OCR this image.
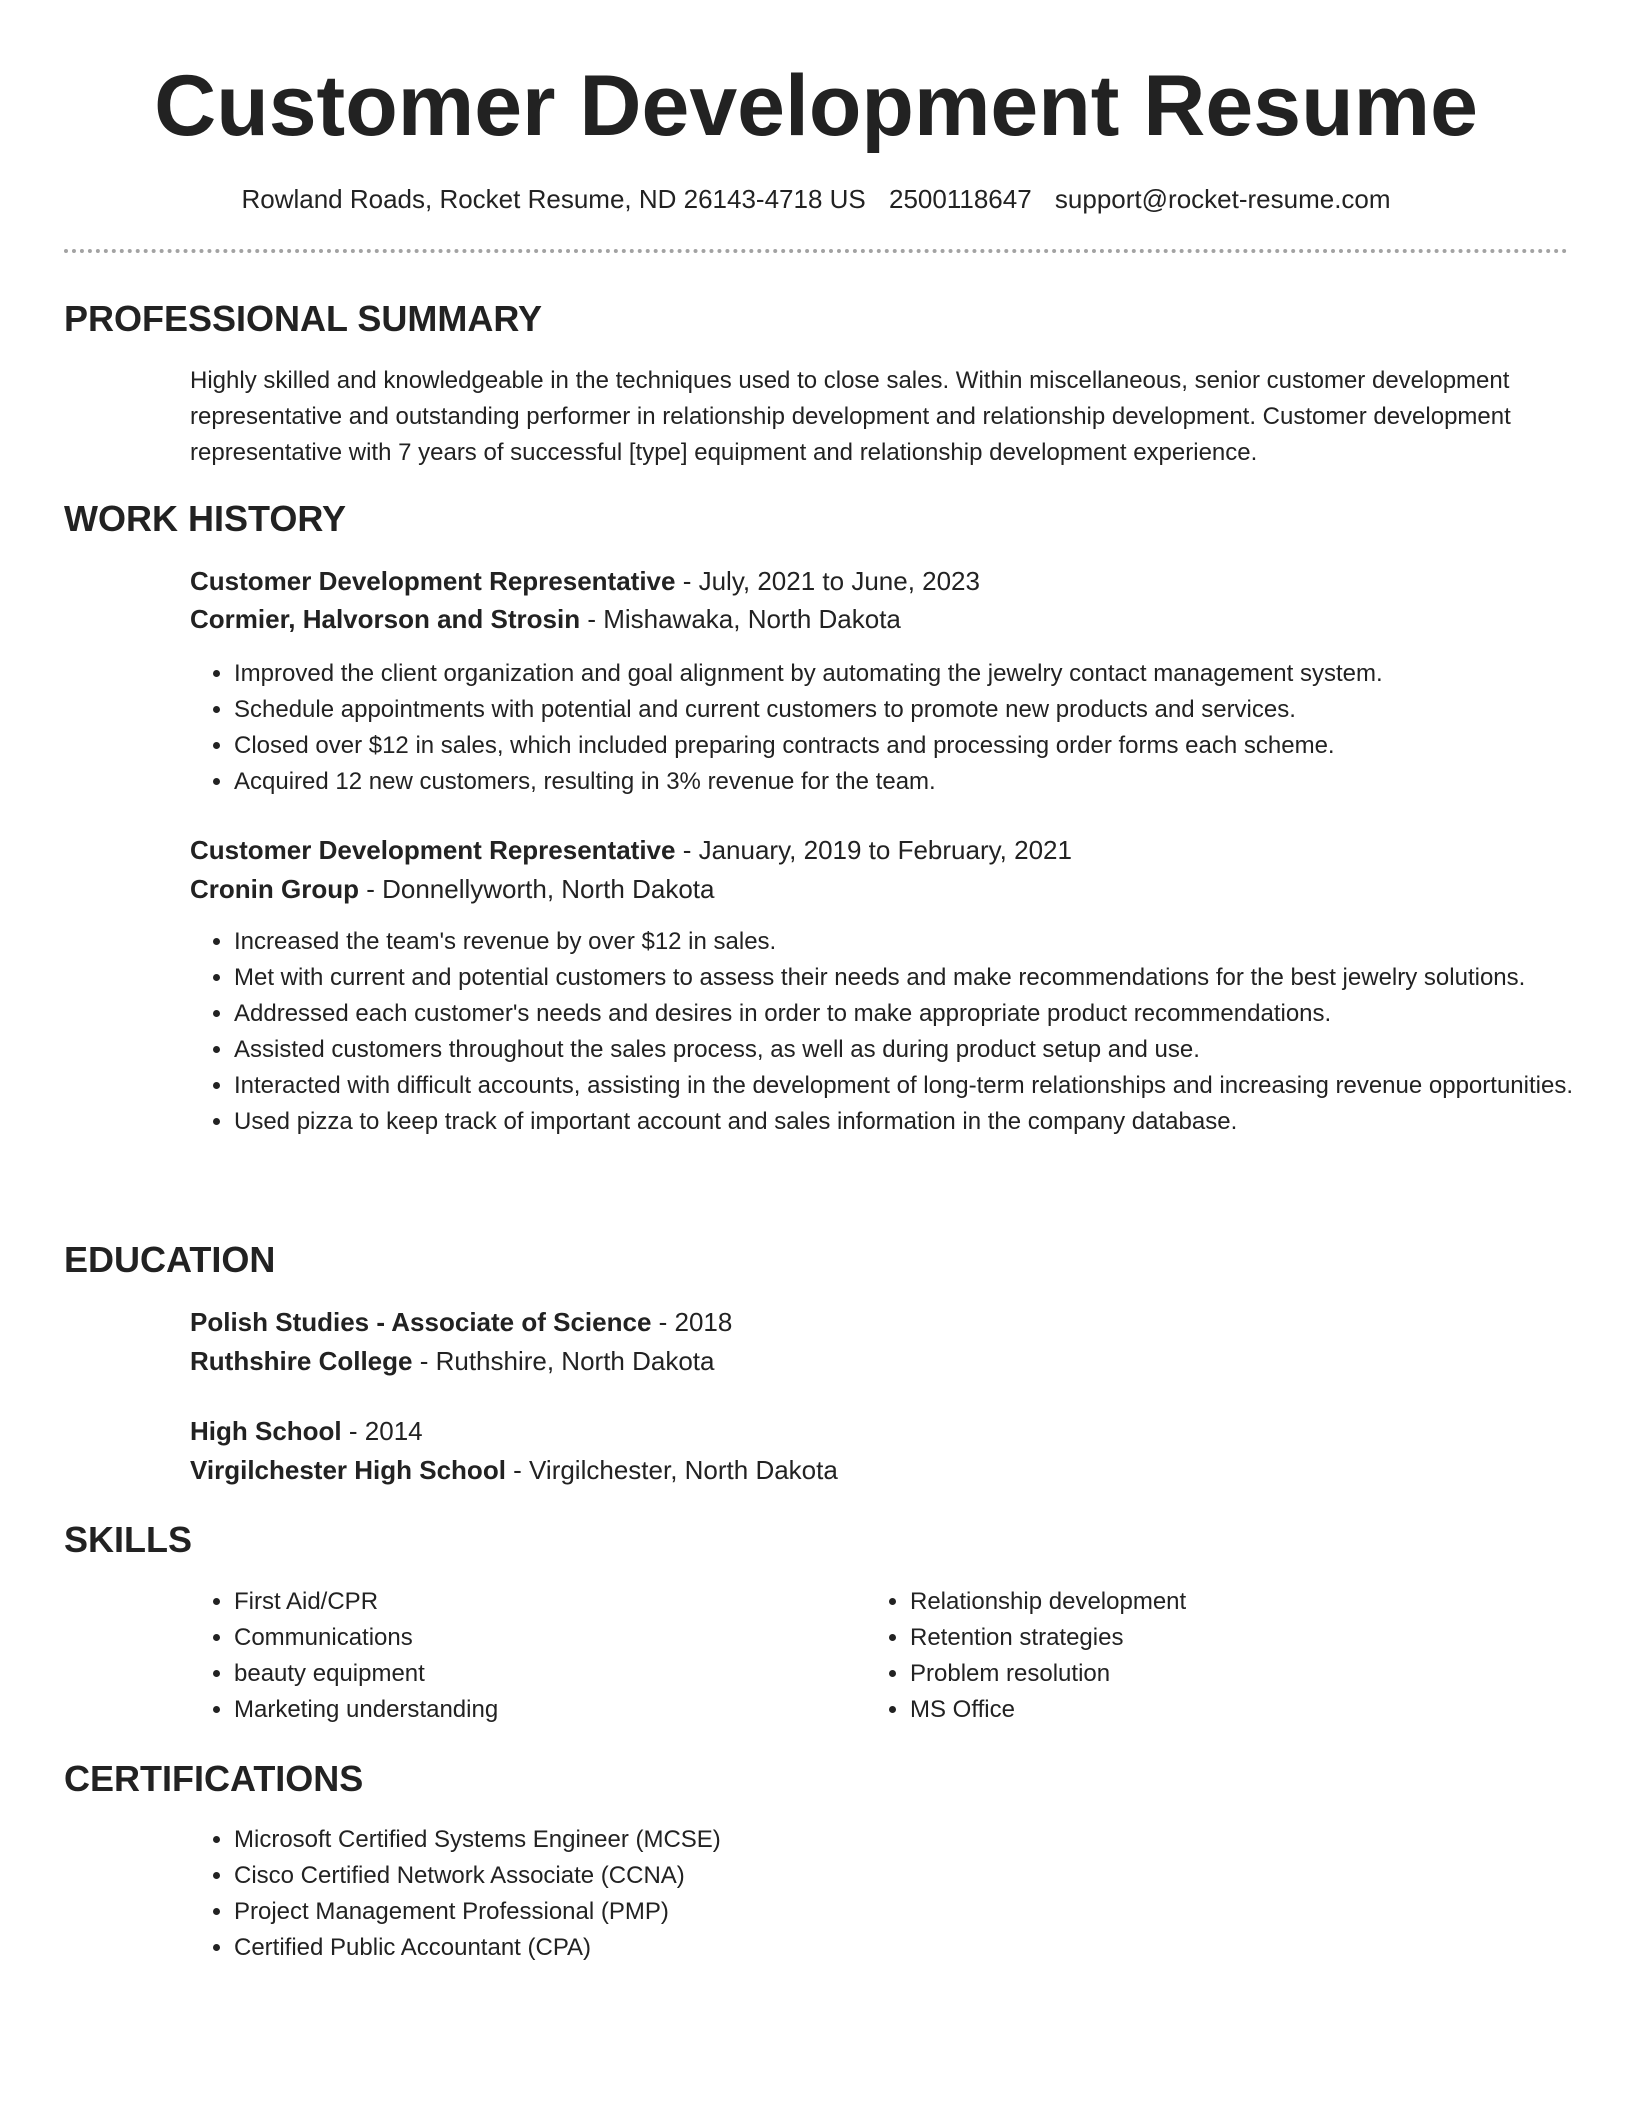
Customer Development Resume
Rowland Roads, Rocket Resume, ND 26143-4718 US 2500118647 support@rocket-resume.com
PROFESSIONAL SUMMARY

Highly skilled and knowledgeable in the techniques used to close sales. Within miscellaneous, senior customer development representative and outstanding performer in relationship development and relationship development. Customer development representative with 7 years of successful [type] equipment and relationship development experience.

WORK HISTORY

Customer Development Representative - July, 2021 to June, 2023

Cormier, Halvorson and Strosin - Mishawaka, North Dakota

• Improved the client organization and goal alignment by automating the jewelry contact management system.
• Schedule appointments with potential and current customers to promote new products and services.
• Closed over $12 in sales, which included preparing contracts and processing order forms each scheme.
• Acquired 12 new customers, resulting in 3% revenue for the team.

Customer Development Representative - January, 2019 to February, 2021

Cronin Group - Donnellyworth, North Dakota

• Increased the team's revenue by over $12 in sales.
• Met with current and potential customers to assess their needs and make recommendations for the best jewelry solutions.
• Addressed each customer's needs and desires in order to make appropriate product recommendations.
• Assisted customers throughout the sales process, as well as during product setup and use.
• Interacted with difficult accounts, assisting in the development of long-term relationships and increasing revenue opportunities.
• Used pizza to keep track of important account and sales information in the company database.
EDUCATION

Polish Studies - Associate of Science - 2018

Ruthshire College - Ruthshire, North Dakota

High School - 2014

Virgilchester High School - Virgilchester, North Dakota

SKILLS
• First Aid/CPR
• Communications
• beauty equipment
• Marketing understanding
• Relationship development
• Retention strategies
• Problem resolution
• MS Office
CERTIFICATIONS
• Microsoft Certified Systems Engineer (MCSE)
• Cisco Certified Network Associate (CCNA)
• Project Management Professional (PMP)
• Certified Public Accountant (CPA)
